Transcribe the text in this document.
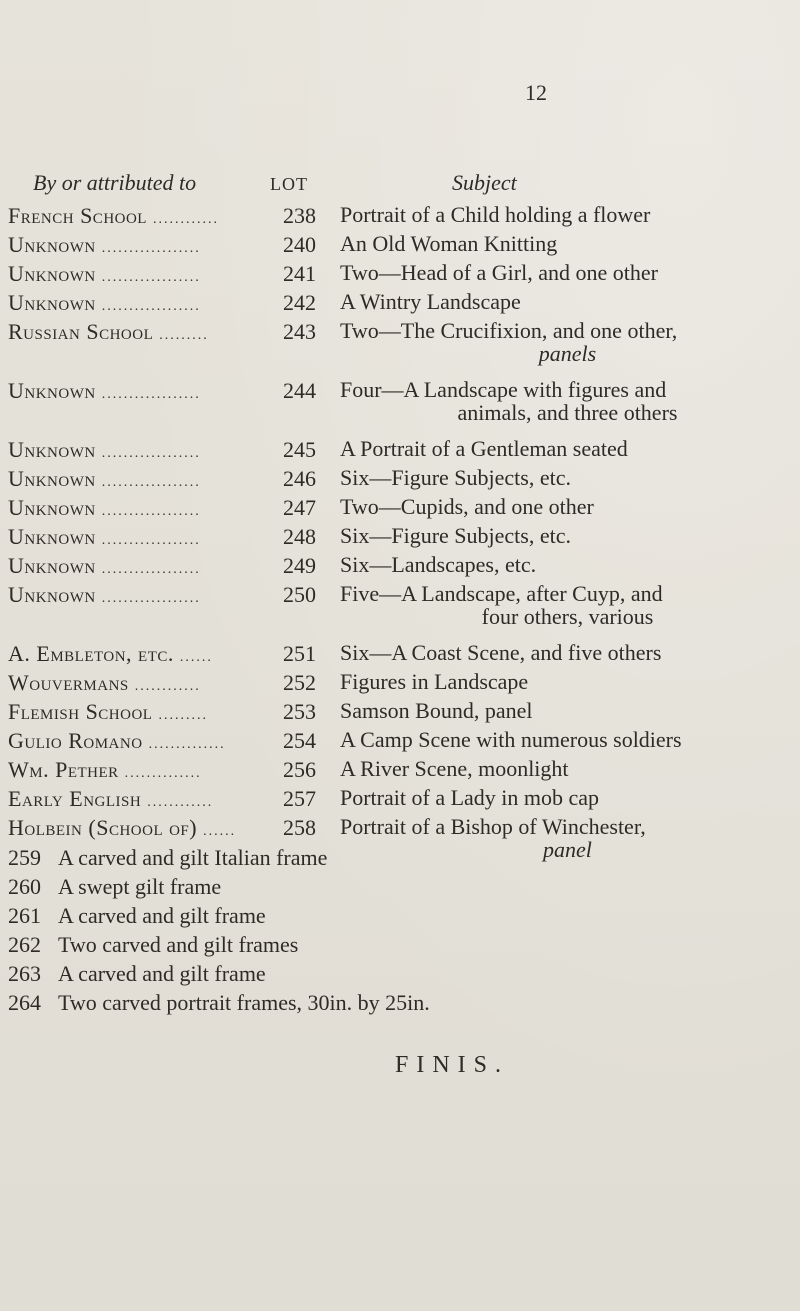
12
By or attributed to	LOT	Subject
French School ............	238	Portrait of a Child holding a flower
Unknown ..................	240	An Old Woman Knitting
Unknown ..................	241	Two—Head of a Girl, and one other
Unknown ..................	242	A Wintry Landscape
Russian School .........	243	Two—The Crucifixion, and one other,
panels
Unknown ..................	244	Four—A Landscape with figures and
animals, and three others
Unknown ..................	245	A Portrait of a Gentleman seated
Unknown ..................	246	Six—Figure Subjects, etc.
Unknown ..................	247	Two—Cupids, and one other
Unknown ..................	248	Six—Figure Subjects, etc.
Unknown ..................	249	Six—Landscapes, etc.
Unknown ..................	250	Five—A Landscape, after Cuyp, and
four others, various
A. Embleton, etc. ......	251	Six—A Coast Scene, and five others
Wouvermans ............	252	Figures in Landscape
Flemish School .........	253	Samson Bound, panel
Gulio Romano ..............	254	A Camp Scene with numerous soldiers
Wm. Pether ..............	256	A River Scene, moonlight
Early English ............	257	Portrait of a Lady in mob cap
Holbein (School of) ......	258	Portrait of a Bishop of Winchester,
panel
259 A carved and gilt Italian frame
260 A swept gilt frame
261 A carved and gilt frame
262 Two carved and gilt frames
263 A carved and gilt frame
264 Two carved portrait frames, 30in. by 25in.
FINIS.
